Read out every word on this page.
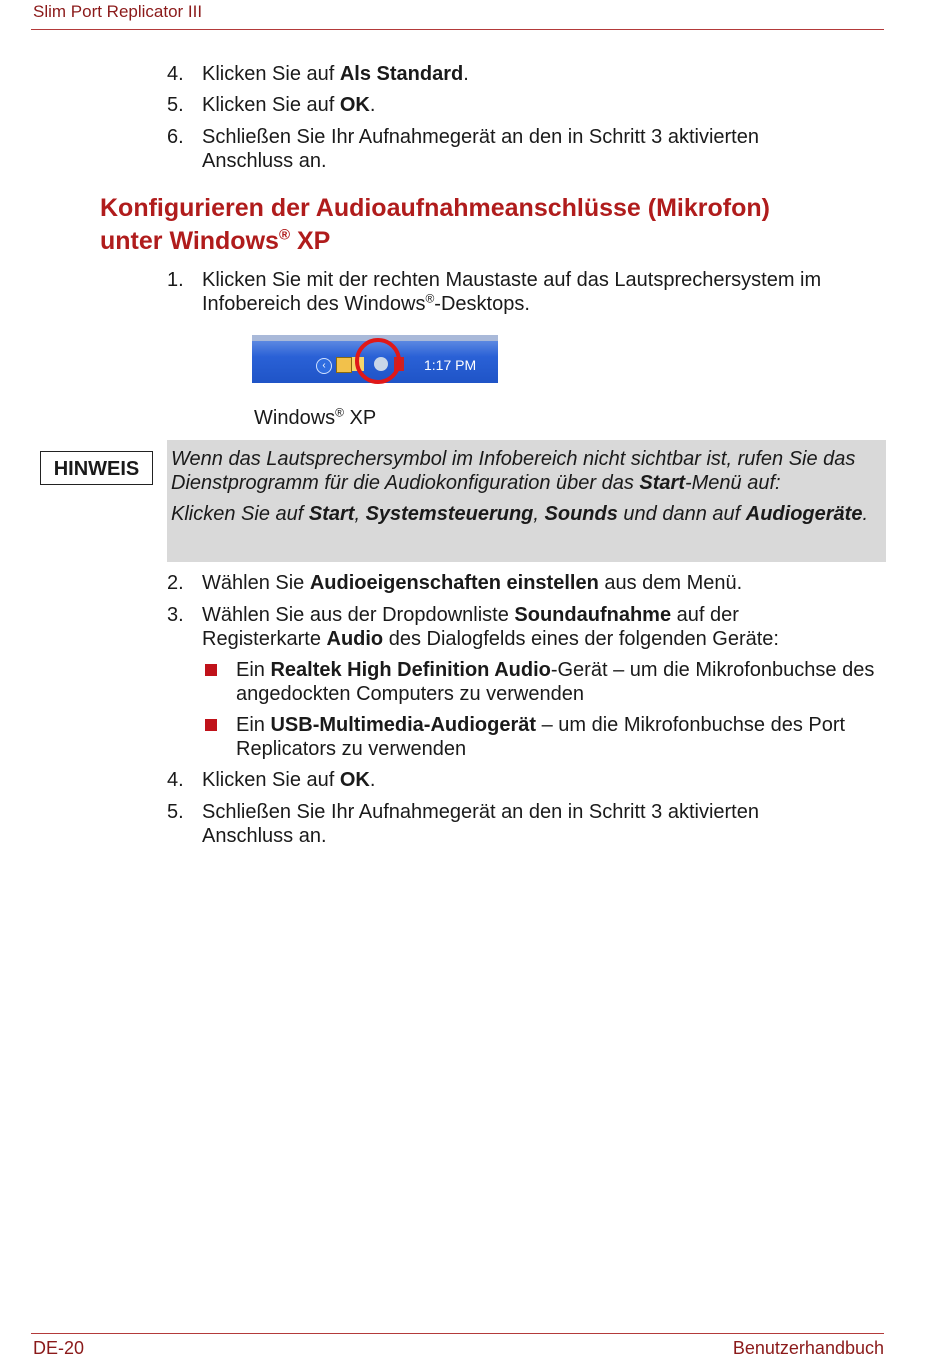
Slim Port Replicator III
4. Klicken Sie auf Als Standard.
5. Klicken Sie auf OK.
6. Schließen Sie Ihr Aufnahmegerät an den in Schritt 3 aktivierten Anschluss an.
Konfigurieren der Audioaufnahmeanschlüsse (Mikrofon)
unter Windows® XP
1. Klicken Sie mit der rechten Maustaste auf das Lautsprechersystem im Infobereich des Windows®-Desktops.
‹	1:17 PM
Windows® XP
HINWEIS	Wenn das Lautsprechersymbol im Infobereich nicht sichtbar ist, rufen Sie das Dienstprogramm für die Audiokonfiguration über das Start-Menü auf:
Klicken Sie auf Start, Systemsteuerung, Sounds und dann auf Audiogeräte.
2. Wählen Sie Audioeigenschaften einstellen aus dem Menü.
3. Wählen Sie aus der Dropdownliste Soundaufnahme auf der Registerkarte Audio des Dialogfelds eines der folgenden Geräte:
Ein Realtek High Definition Audio-Gerät – um die Mikrofonbuchse des angedockten Computers zu verwenden
Ein USB-Multimedia-Audiogerät – um die Mikrofonbuchse des Port Replicators zu verwenden
4. Klicken Sie auf OK.
5. Schließen Sie Ihr Aufnahmegerät an den in Schritt 3 aktivierten Anschluss an.
DE-20	Benutzerhandbuch
